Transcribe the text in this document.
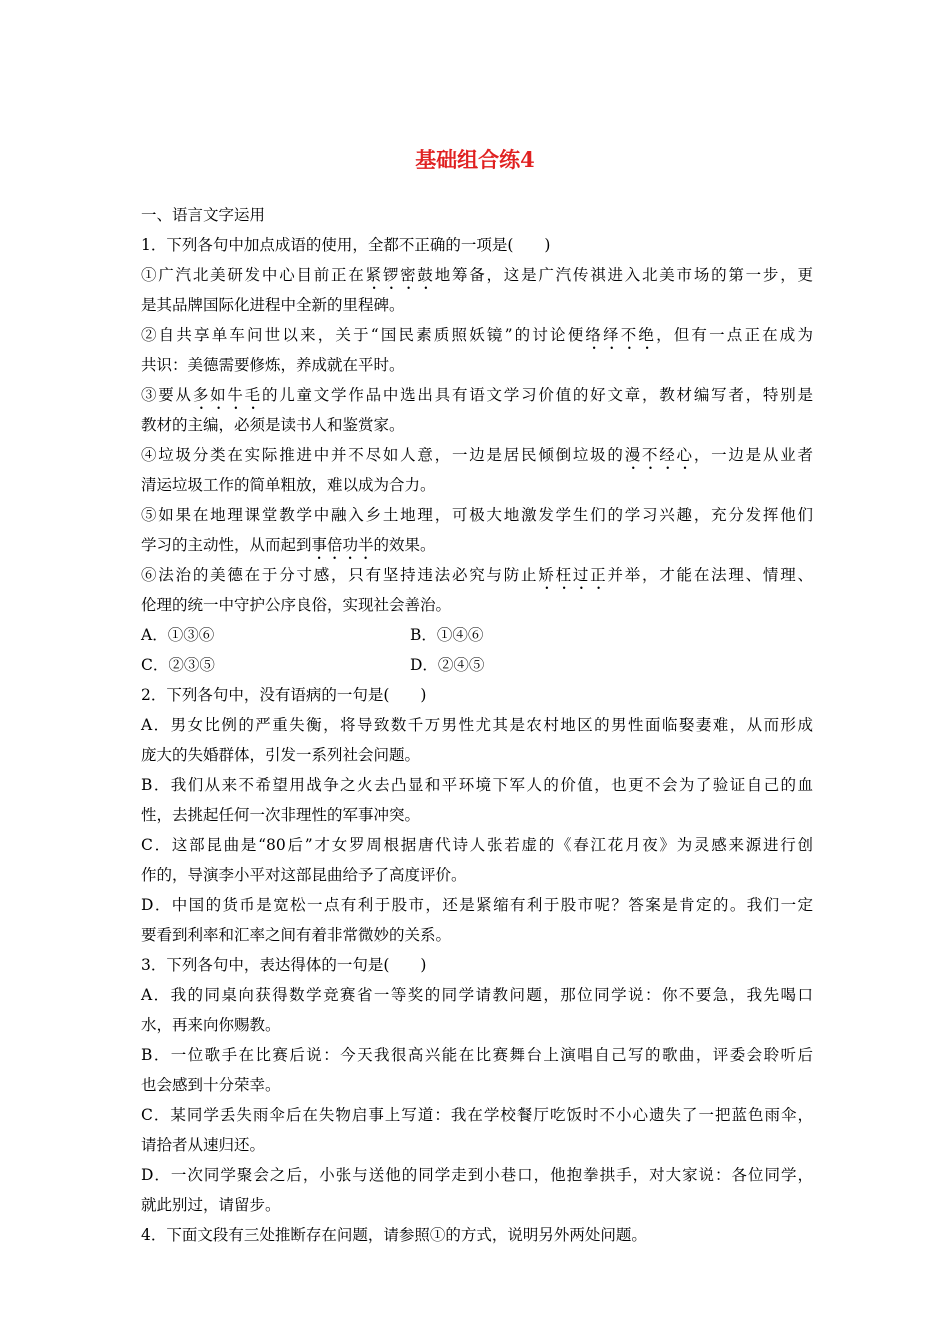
基础组合练4
一、语言文字运用
1．下列各句中加点成语的使用，全都不正确的一项是(　　)
①广汽北美研发中心目前正在紧锣密鼓地筹备，这是广汽传祺进入北美市场的第一步，更
是其品牌国际化进程中全新的里程碑。
②自共享单车问世以来，关于“国民素质照妖镜”的讨论便络绎不绝，但有一点正在成为
共识：美德需要修炼，养成就在平时。
③要从多如牛毛的儿童文学作品中选出具有语文学习价值的好文章，教材编写者，特别是
教材的主编，必须是读书人和鉴赏家。
④垃圾分类在实际推进中并不尽如人意，一边是居民倾倒垃圾的漫不经心，一边是从业者
清运垃圾工作的简单粗放，难以成为合力。
⑤如果在地理课堂教学中融入乡土地理，可极大地激发学生们的学习兴趣，充分发挥他们
学习的主动性，从而起到事倍功半的效果。
⑥法治的美德在于分寸感，只有坚持违法必究与防止矫枉过正并举，才能在法理、情理、
伦理的统一中守护公序良俗，实现社会善治。
A．①③⑥	B．①④⑥
C．②③⑤	D．②④⑤
2．下列各句中，没有语病的一句是(　　)
A．男女比例的严重失衡，将导致数千万男性尤其是农村地区的男性面临娶妻难，从而形成
庞大的失婚群体，引发一系列社会问题。
B．我们从来不希望用战争之火去凸显和平环境下军人的价值，也更不会为了验证自己的血
性，去挑起任何一次非理性的军事冲突。
C．这部昆曲是“80后”才女罗周根据唐代诗人张若虚的《春江花月夜》为灵感来源进行创
作的，导演李小平对这部昆曲给予了高度评价。
D．中国的货币是宽松一点有利于股市，还是紧缩有利于股市呢？答案是肯定的。我们一定
要看到利率和汇率之间有着非常微妙的关系。
3．下列各句中，表达得体的一句是(　　)
A．我的同桌向获得数学竞赛省一等奖的同学请教问题，那位同学说：你不要急，我先喝口
水，再来向你赐教。
B．一位歌手在比赛后说：今天我很高兴能在比赛舞台上演唱自己写的歌曲，评委会聆听后
也会感到十分荣幸。
C．某同学丢失雨伞后在失物启事上写道：我在学校餐厅吃饭时不小心遗失了一把蓝色雨伞，
请拾者从速归还。
D．一次同学聚会之后，小张与送他的同学走到小巷口，他抱拳拱手，对大家说：各位同学，
就此别过，请留步。
4．下面文段有三处推断存在问题，请参照①的方式，说明另外两处问题。
